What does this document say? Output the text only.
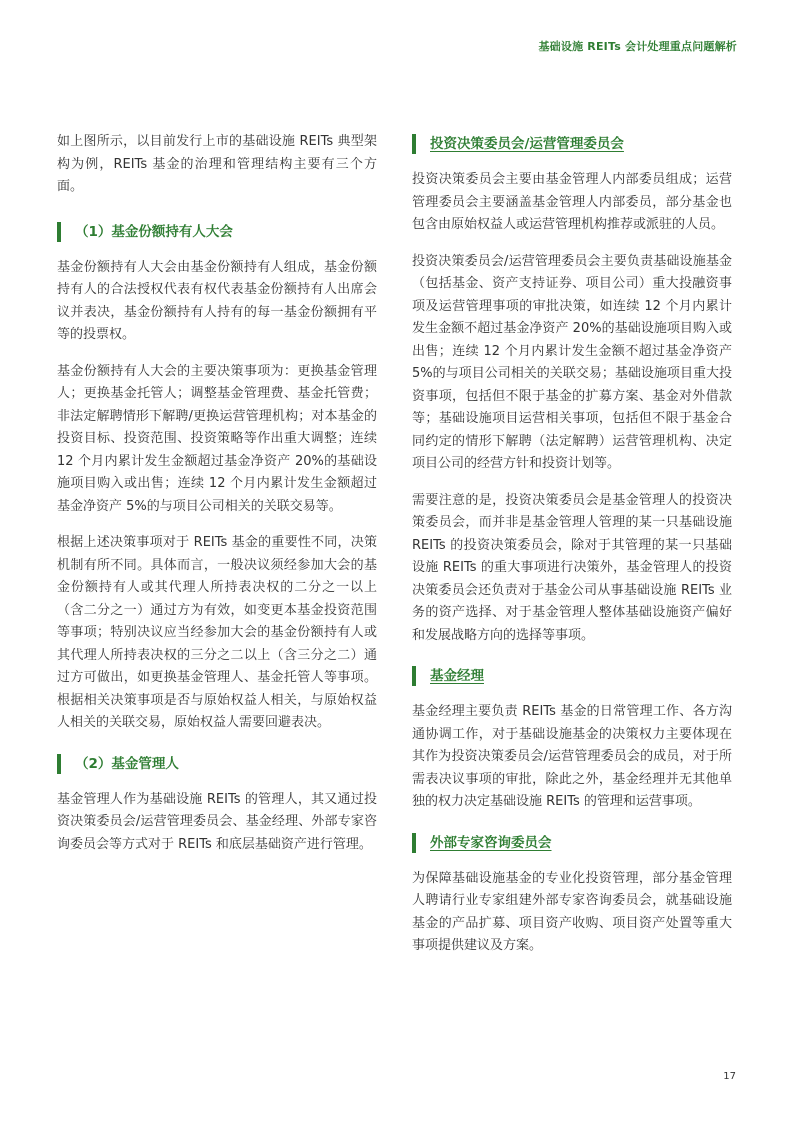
基础设施 REITs 会计处理重点问题解析

如上图所示，以目前发行上市的基础设施 REITs 典型架构为例，REITs 基金的治理和管理结构主要有三个方面。

（1）基金份额持有人大会

基金份额持有人大会由基金份额持有人组成，基金份额持有人的合法授权代表有权代表基金份额持有人出席会议并表决，基金份额持有人持有的每一基金份额拥有平等的投票权。

基金份额持有人大会的主要决策事项为：更换基金管理人；更换基金托管人；调整基金管理费、基金托管费；非法定解聘情形下解聘/更换运营管理机构；对本基金的投资目标、投资范围、投资策略等作出重大调整；连续 12 个月内累计发生金额超过基金净资产 20%的基础设施项目购入或出售；连续 12 个月内累计发生金额超过基金净资产 5%的与项目公司相关的关联交易等。

根据上述决策事项对于 REITs 基金的重要性不同，决策机制有所不同。具体而言，一般决议须经参加大会的基金份额持有人或其代理人所持表决权的二分之一以上（含二分之一）通过方为有效，如变更本基金投资范围等事项；特别决议应当经参加大会的基金份额持有人或其代理人所持表决权的三分之二以上（含三分之二）通过方可做出，如更换基金管理人、基金托管人等事项。根据相关决策事项是否与原始权益人相关，与原始权益人相关的关联交易，原始权益人需要回避表决。

（2）基金管理人

基金管理人作为基础设施 REITs 的管理人，其又通过投资决策委员会/运营管理委员会、基金经理、外部专家咨询委员会等方式对于 REITs 和底层基础资产进行管理。

投资决策委员会/运营管理委员会

投资决策委员会主要由基金管理人内部委员组成；运营管理委员会主要涵盖基金管理人内部委员，部分基金也包含由原始权益人或运营管理机构推荐或派驻的人员。

投资决策委员会/运营管理委员会主要负责基础设施基金（包括基金、资产支持证券、项目公司）重大投融资事项及运营管理事项的审批决策，如连续 12 个月内累计发生金额不超过基金净资产 20%的基础设施项目购入或出售；连续 12 个月内累计发生金额不超过基金净资产 5%的与项目公司相关的关联交易；基础设施项目重大投资事项，包括但不限于基金的扩募方案、基金对外借款等；基础设施项目运营相关事项，包括但不限于基金合同约定的情形下解聘（法定解聘）运营管理机构、决定项目公司的经营方针和投资计划等。

需要注意的是，投资决策委员会是基金管理人的投资决策委员会，而并非是基金管理人管理的某一只基础设施 REITs 的投资决策委员会，除对于其管理的某一只基础设施 REITs 的重大事项进行决策外，基金管理人的投资决策委员会还负责对于基金公司从事基础设施 REITs 业务的资产选择、对于基金管理人整体基础设施资产偏好和发展战略方向的选择等事项。

基金经理

基金经理主要负责 REITs 基金的日常管理工作、各方沟通协调工作，对于基础设施基金的决策权力主要体现在其作为投资决策委员会/运营管理委员会的成员，对于所需表决议事项的审批，除此之外，基金经理并无其他单独的权力决定基础设施 REITs 的管理和运营事项。

外部专家咨询委员会

为保障基础设施基金的专业化投资管理，部分基金管理人聘请行业专家组建外部专家咨询委员会，就基础设施基金的产品扩募、项目资产收购、项目资产处置等重大事项提供建议及方案。

17
